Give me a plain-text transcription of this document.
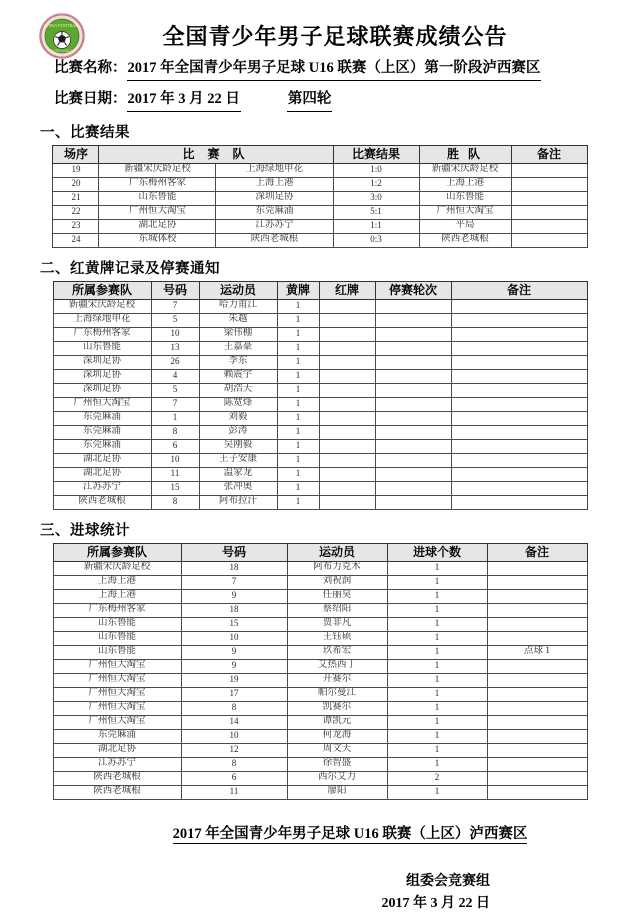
CHINA FOOTBALL
YOUTH LEAGUE
全国青少年男子足球联赛成绩公告
比赛名称：2017 年全国青少年男子足球 U16 联赛（上区）第一阶段泸西赛区
比赛日期：2017 年 3 月 22 日	第四轮
一、比赛结果
场序	比 赛 队		比赛结果	胜 队	备注
19	新疆宋庆龄足校	上海绿地申花	1:0	新疆宋庆龄足校	
20	广东梅州客家	上海上港	1:2	上海上港	
21	山东鲁能	深圳足协	3:0	山东鲁能	
22	广州恒大淘宝	东莞麻涌	5:1	广州恒大淘宝	
23	湖北足协	江苏苏宁	1:1	平局	
24	东城体校	陕西老城根	0:3	陕西老城根	
二、红黄牌记录及停赛通知
所属参赛队	号码	运动员	黄牌	红牌	停赛轮次	备注
新疆宋庆龄足校	7	哈力甫江	1			
上海绿地申花	5	朱越	1			
广东梅州客家	10	梁伟棚	1			
山东鲁能	13	王嘉豪	1			
深圳足协	26	李东	1			
深圳足协	4	赖震宇	1			
深圳足协	5	胡浩天	1			
广州恒大淘宝	7	陈宽烽	1			
东莞麻涌	1	刘毅	1			
东莞麻涌	8	彭涛	1			
东莞麻涌	6	吴刚毅	1			
湖北足协	10	王子安康	1			
湖北足协	11	温家龙	1			
江苏苏宁	15	张冲奥	1			
陕西老城根	8	阿布拉汗	1			
三、进球统计
所属参赛队	号码	运动员	进球个数	备注
新疆宋庆龄足校	18	阿布力克木	1	
上海上港	7	刘祝润	1	
上海上港	9	任丽昊	1	
广东梅州客家	18	蔡绍阳	1	
山东鲁能	15	贾非凡	1	
山东鲁能	10	王钰硕	1	
山东鲁能	9	玖希宏	1	点球 1
广州恒大淘宝	9	艾热西丁	1	
广州恒大淘宝	19	开赛尔	1	
广州恒大淘宝	17	帕尔曼江	1	
广州恒大淘宝	8	凯赛尔	1	
广州恒大淘宝	14	谭凯元	1	
东莞麻涌	10	何龙海	1	
湖北足协	12	周文天	1	
江苏苏宁	8	徐智盛	1	
陕西老城根	6	西尔艾力	2	
陕西老城根	11	廖阳	1	
2017 年全国青少年男子足球 U16 联赛（上区）泸西赛区
组委会竞赛组
2017 年 3 月 22 日
